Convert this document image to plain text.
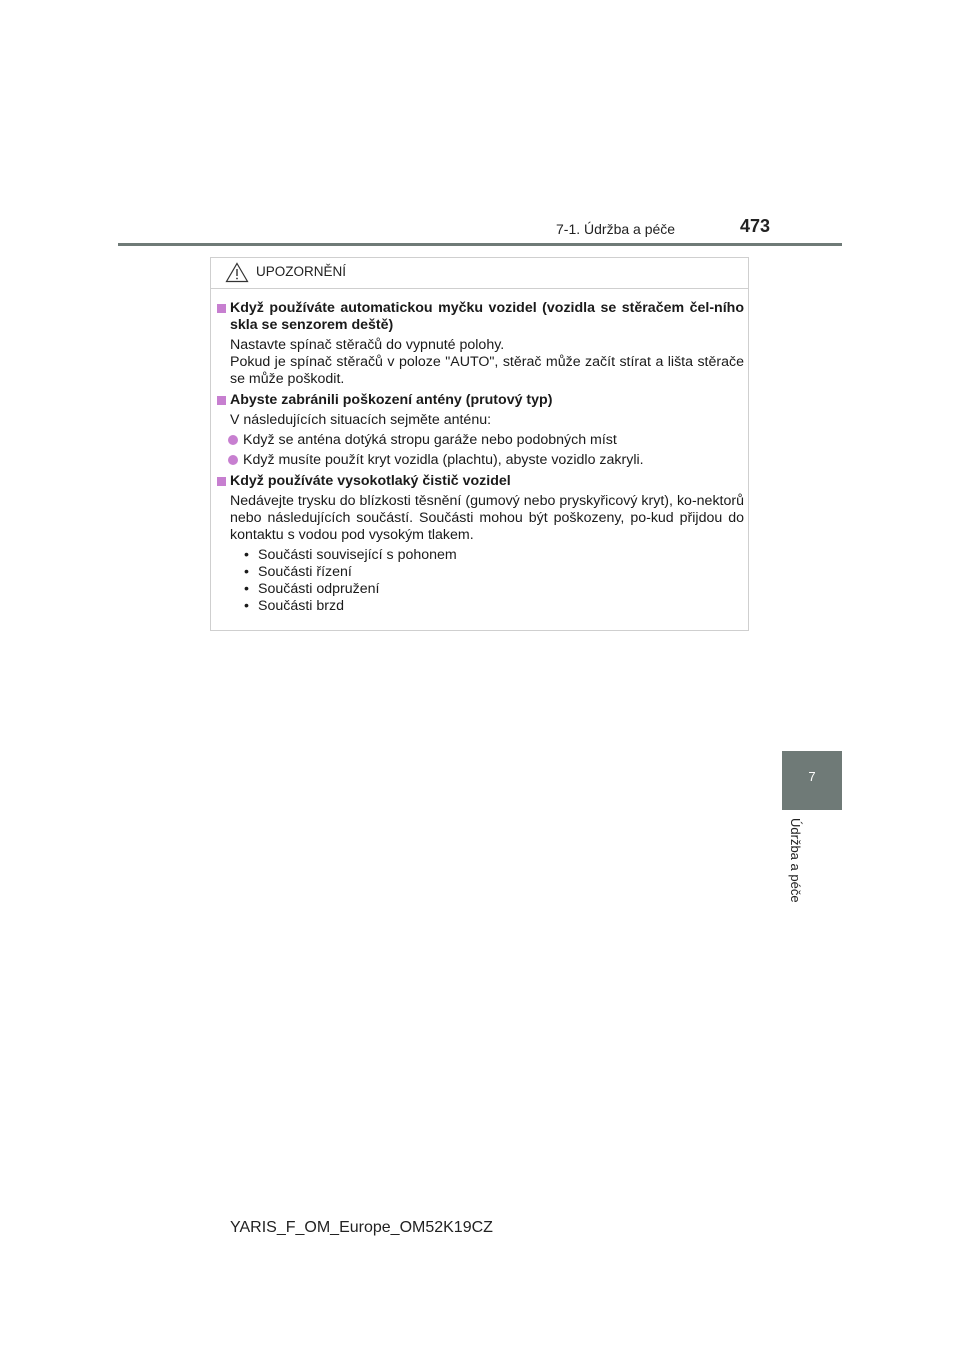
7-1. Údržba a péče	473
UPOZORNĚNÍ
Když používáte automatickou myčku vozidel (vozidla se stěračem čel-ního skla se senzorem deště)
Nastavte spínač stěračů do vypnuté polohy.
Pokud je spínač stěračů v poloze "AUTO", stěrač může začít stírat a lišta stěrače se může poškodit.
Abyste zabránili poškození antény (prutový typ)
V následujících situacích sejměte anténu:
Když se anténa dotýká stropu garáže nebo podobných míst
Když musíte použít kryt vozidla (plachtu), abyste vozidlo zakryli.
Když používáte vysokotlaký čistič vozidel
Nedávejte trysku do blízkosti těsnění (gumový nebo pryskyřicový kryt), ko-nektorů nebo následujících součástí. Součásti mohou být poškozeny, po-kud přijdou do kontaktu s vodou pod vysokým tlakem.
• Součásti související s pohonem
• Součásti řízení
• Součásti odpružení
• Součásti brzd
7
Údržba a péče
YARIS_F_OM_Europe_OM52K19CZ
